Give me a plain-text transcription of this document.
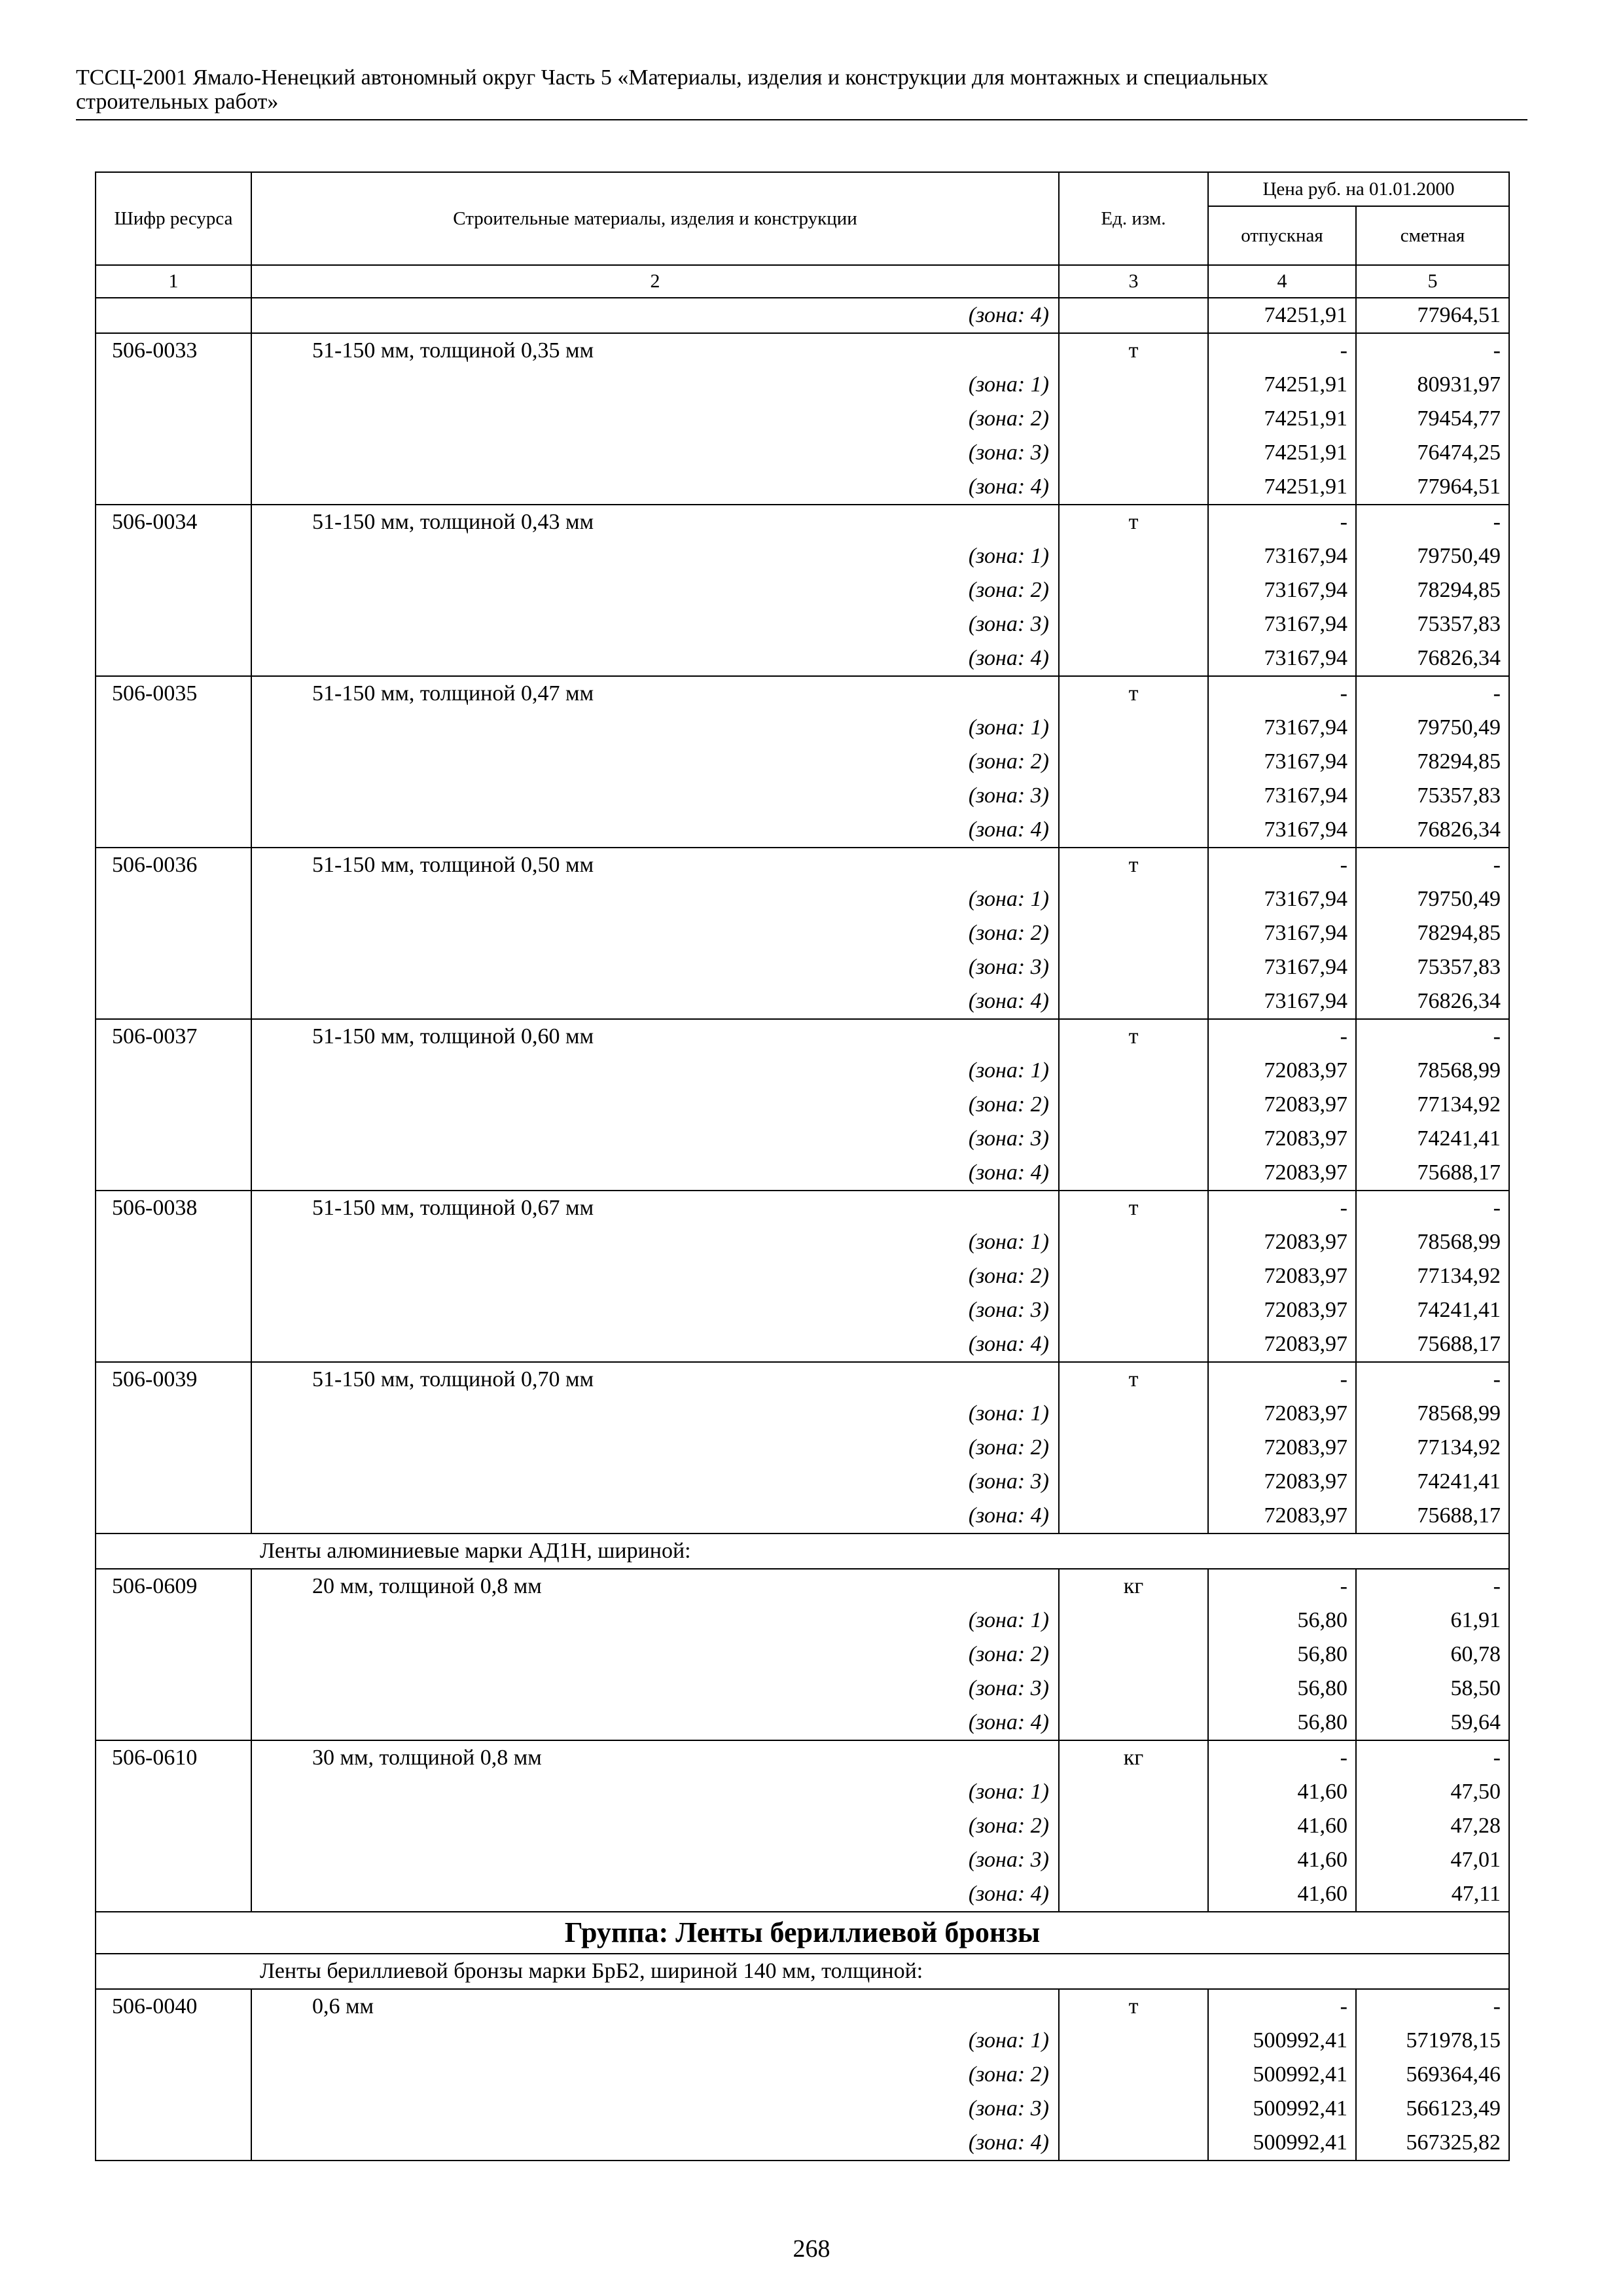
ТССЦ-2001 Ямало-Ненецкий автономный округ Часть 5 «Материалы, изделия и конструкции для монтажных и специальных
строительных работ»
Шифр ресурса	Строительные материалы, изделия и конструкции	Ед. изм.	Цена руб. на 01.01.2000	
			отпускная	сметная
1	2	3	4	5
	(зона: 4)		74251,91	77964,51
506-0033	51-150 мм, толщиной 0,35 мм	т	-	-
	(зона: 1)		74251,91	80931,97
	(зона: 2)		74251,91	79454,77
	(зона: 3)		74251,91	76474,25
	(зона: 4)		74251,91	77964,51
506-0034	51-150 мм, толщиной 0,43 мм	т	-	-
	(зона: 1)		73167,94	79750,49
	(зона: 2)		73167,94	78294,85
	(зона: 3)		73167,94	75357,83
	(зона: 4)		73167,94	76826,34
506-0035	51-150 мм, толщиной 0,47 мм	т	-	-
	(зона: 1)		73167,94	79750,49
	(зона: 2)		73167,94	78294,85
	(зона: 3)		73167,94	75357,83
	(зона: 4)		73167,94	76826,34
506-0036	51-150 мм, толщиной 0,50 мм	т	-	-
	(зона: 1)		73167,94	79750,49
	(зона: 2)		73167,94	78294,85
	(зона: 3)		73167,94	75357,83
	(зона: 4)		73167,94	76826,34
506-0037	51-150 мм, толщиной 0,60 мм	т	-	-
	(зона: 1)		72083,97	78568,99
	(зона: 2)		72083,97	77134,92
	(зона: 3)		72083,97	74241,41
	(зона: 4)		72083,97	75688,17
506-0038	51-150 мм, толщиной 0,67 мм	т	-	-
	(зона: 1)		72083,97	78568,99
	(зона: 2)		72083,97	77134,92
	(зона: 3)		72083,97	74241,41
	(зона: 4)		72083,97	75688,17
506-0039	51-150 мм, толщиной 0,70 мм	т	-	-
	(зона: 1)		72083,97	78568,99
	(зона: 2)		72083,97	77134,92
	(зона: 3)		72083,97	74241,41
	(зона: 4)		72083,97	75688,17
Ленты алюминиевые марки АД1Н, шириной:				
506-0609	20 мм, толщиной 0,8 мм	кг	-	-
	(зона: 1)		56,80	61,91
	(зона: 2)		56,80	60,78
	(зона: 3)		56,80	58,50
	(зона: 4)		56,80	59,64
506-0610	30 мм, толщиной 0,8 мм	кг	-	-
	(зона: 1)		41,60	47,50
	(зона: 2)		41,60	47,28
	(зона: 3)		41,60	47,01
	(зона: 4)		41,60	47,11
Группа: Ленты бериллиевой бронзы				
Ленты бериллиевой бронзы марки БрБ2, шириной 140 мм, толщиной:				
506-0040	0,6 мм	т	-	-
	(зона: 1)		500992,41	571978,15
	(зона: 2)		500992,41	569364,46
	(зона: 3)		500992,41	566123,49
	(зона: 4)		500992,41	567325,82
268
